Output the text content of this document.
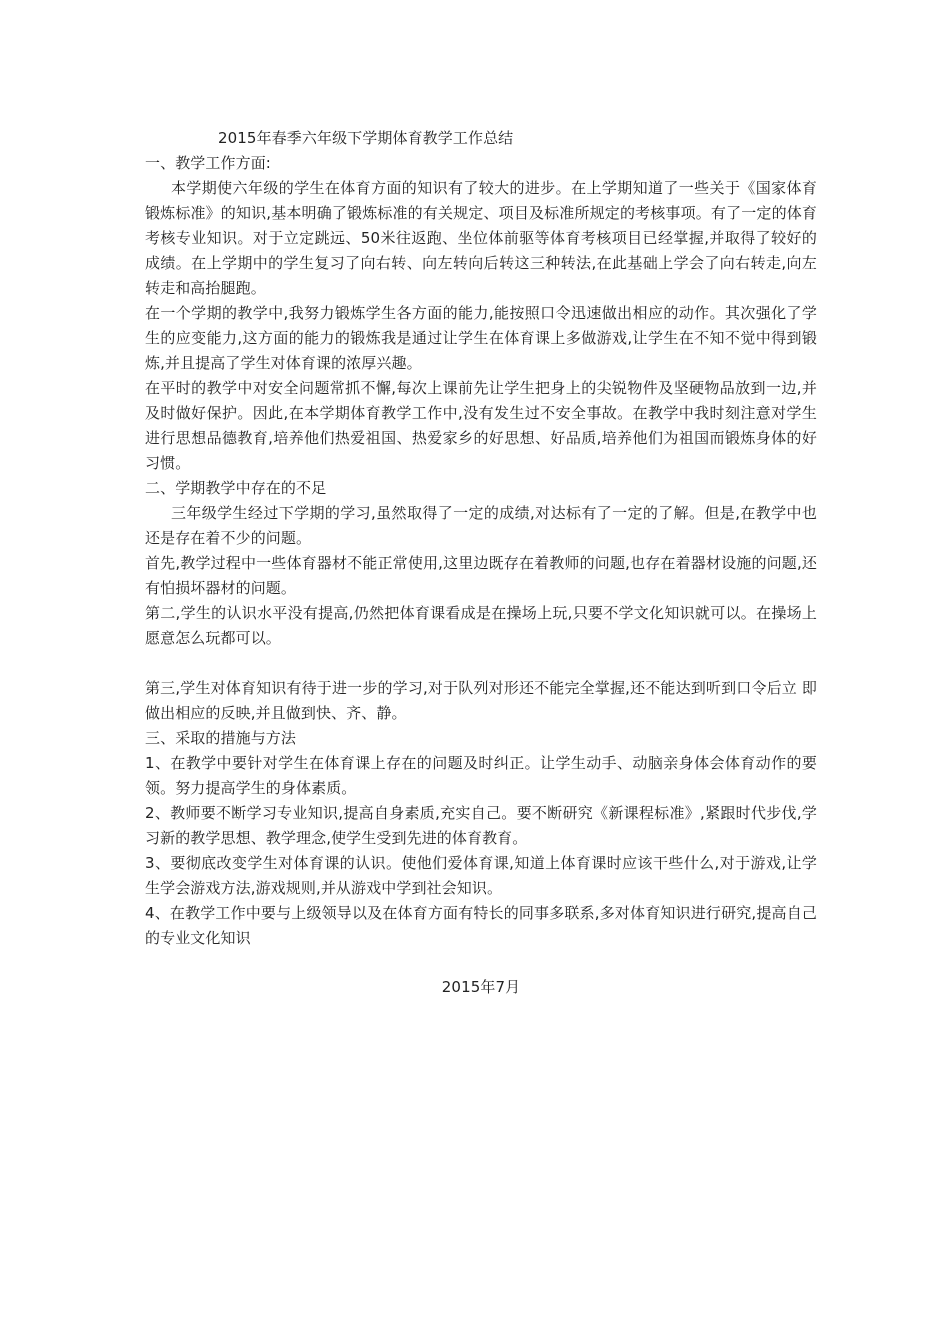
2015年春季六年级下学期体育教学工作总结
一、教学工作方面:
本学期使六年级的学生在体育方面的知识有了较大的进步。在上学期知道了一些关于《国家体育锻炼标准》的知识,基本明确了锻炼标准的有关规定、项目及标准所规定的考核事项。有了一定的体育考核专业知识。对于立定跳远、50米往返跑、坐位体前驱等体育考核项目已经掌握,并取得了较好的成绩。在上学期中的学生复习了向右转、向左转向后转这三种转法,在此基础上学会了向右转走,向左转走和高抬腿跑。
在一个学期的教学中,我努力锻炼学生各方面的能力,能按照口令迅速做出相应的动作。其次强化了学生的应变能力,这方面的能力的锻炼我是通过让学生在体育课上多做游戏,让学生在不知不觉中得到锻炼,并且提高了学生对体育课的浓厚兴趣。
在平时的教学中对安全问题常抓不懈,每次上课前先让学生把身上的尖锐物件及坚硬物品放到一边,并及时做好保护。因此,在本学期体育教学工作中,没有发生过不安全事故。在教学中我时刻注意对学生进行思想品德教育,培养他们热爱祖国、热爱家乡的好思想、好品质,培养他们为祖国而锻炼身体的好习惯。
二、学期教学中存在的不足
三年级学生经过下学期的学习,虽然取得了一定的成绩,对达标有了一定的了解。但是,在教学中也还是存在着不少的问题。
首先,教学过程中一些体育器材不能正常使用,这里边既存在着教师的问题,也存在着器材设施的问题,还有怕损坏器材的问题。
第二,学生的认识水平没有提高,仍然把体育课看成是在操场上玩,只要不学文化知识就可以。在操场上愿意怎么玩都可以。
第三,学生对体育知识有待于进一步的学习,对于队列对形还不能完全掌握,还不能达到听到口令后立 即做出相应的反映,并且做到快、齐、静。
三、采取的措施与方法
1、在教学中要针对学生在体育课上存在的问题及时纠正。让学生动手、动脑亲身体会体育动作的要领。努力提高学生的身体素质。
2、教师要不断学习专业知识,提高自身素质,充实自己。要不断研究《新课程标准》,紧跟时代步伐,学习新的教学思想、教学理念,使学生受到先进的体育教育。
3、要彻底改变学生对体育课的认识。使他们爱体育课,知道上体育课时应该干些什么,对于游戏,让学生学会游戏方法,游戏规则,并从游戏中学到社会知识。
4、在教学工作中要与上级领导以及在体育方面有特长的同事多联系,多对体育知识进行研究,提高自己的专业文化知识
2015年7月
